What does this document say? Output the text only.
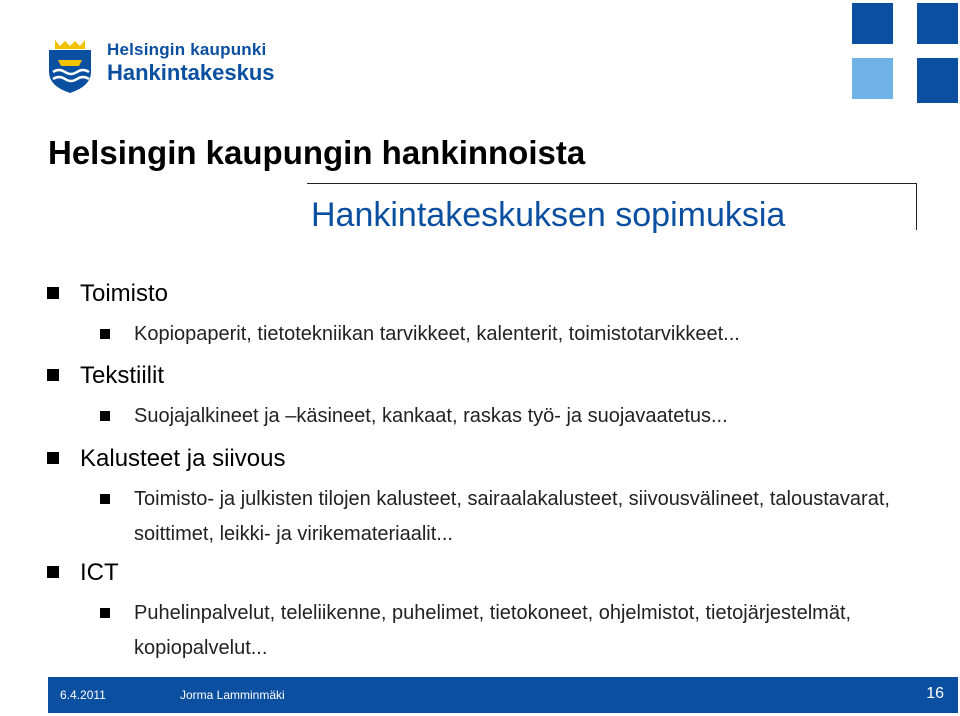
Helsingin kaupunki
Hankintakeskus
Helsingin kaupungin hankinnoista
Hankintakeskuksen sopimuksia
Toimisto
Kopiopaperit, tietotekniikan tarvikkeet, kalenterit, toimistotarvikkeet...
Tekstiilit
Suojajalkineet ja –käsineet, kankaat, raskas työ- ja suojavaatetus...
Kalusteet ja siivous
Toimisto- ja julkisten tilojen kalusteet, sairaalakalusteet, siivousvälineet, taloustavarat, soittimet, leikki- ja virikemateriaalit...
ICT
Puhelinpalvelut, teleliikenne, puhelimet, tietokoneet, ohjelmistot, tietojärjestelmät, kopiopalvelut...
6.4.2011	Jorma Lamminmäki	16
